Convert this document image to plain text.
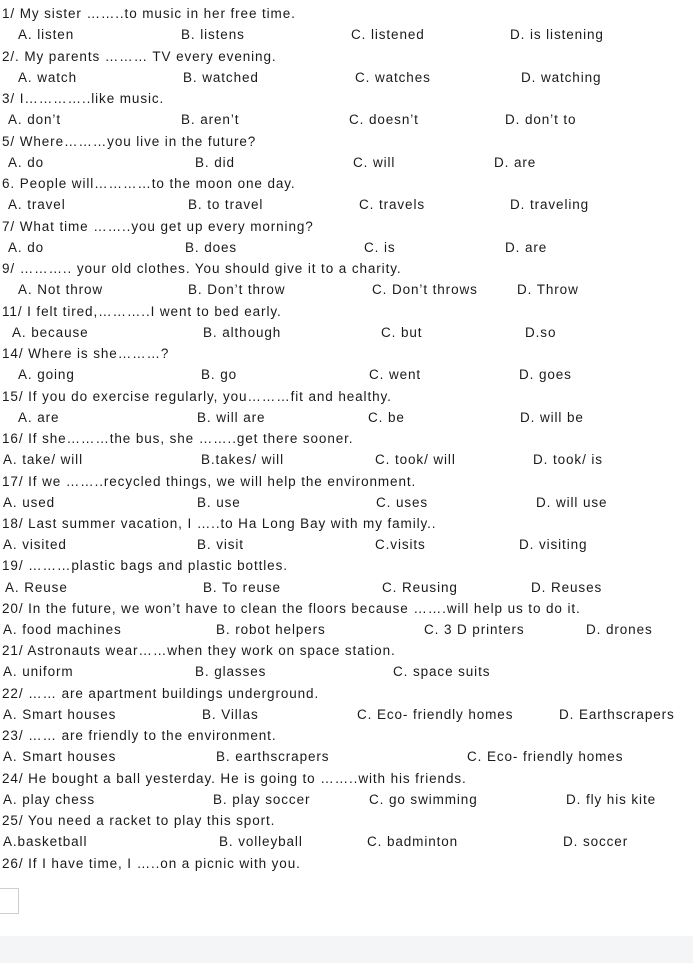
1/ My sister ……..to music in her free time.
A. listen	B. listens	C. listened	D. is listening
2/. My parents ……… TV every evening.
A. watch	B. watched	C. watches	D. watching
3/ I…………..like music.
A. don’t	B. aren’t	C. doesn’t	D. don’t to
5/ Where………you live in the future?
A. do	B. did	C. will	D. are
6. People will…………to the moon one day.
A. travel	B. to travel	C. travels	D. traveling
7/ What time ……..you get up every morning?
A. do	B. does	C. is	D. are
9/ ……….. your old clothes. You should give it to a charity.
A. Not throw	B. Don’t throw	C. Don’t throws	D. Throw
11/ I felt tired,………..I went to bed early.
A. because	B. although	C. but	D.so
14/ Where is she………?
A. going	B. go	C. went	D. goes
15/ If you do exercise regularly, you………fit and healthy.
A. are	B. will are	C. be	D. will be
16/ If she………the bus, she ……..get there sooner.
A. take/ will	B.takes/ will	C. took/ will	D. took/ is
17/ If we ……..recycled things, we will help the environment.
A. used	B. use	C. uses	D. will use
18/ Last summer vacation, I …..to Ha Long Bay with my family..
A. visited	B. visit	C.visits	D. visiting
19/ ………plastic bags and plastic bottles.
A. Reuse	B. To reuse	C. Reusing	D. Reuses
20/ In the future, we won’t have to clean the floors because …….will help us to do it.
A. food machines	B. robot helpers	C. 3 D printers	D. drones
21/ Astronauts wear……when they work on space station.
A. uniform	B. glasses	C. space suits
22/ …… are apartment buildings underground.
A. Smart houses	B. Villas	C. Eco- friendly homes	D. Earthscrapers
23/ …… are friendly to the environment.
A. Smart houses	B. earthscrapers	C. Eco- friendly homes
24/ He bought a ball yesterday. He is going to ……..with his friends.
A. play chess	B. play soccer	C. go swimming	D. fly his kite
25/ You need a racket to play this sport.
A.basketball	B. volleyball	C. badminton	D. soccer
26/ If I have time, I …..on a picnic with you.
